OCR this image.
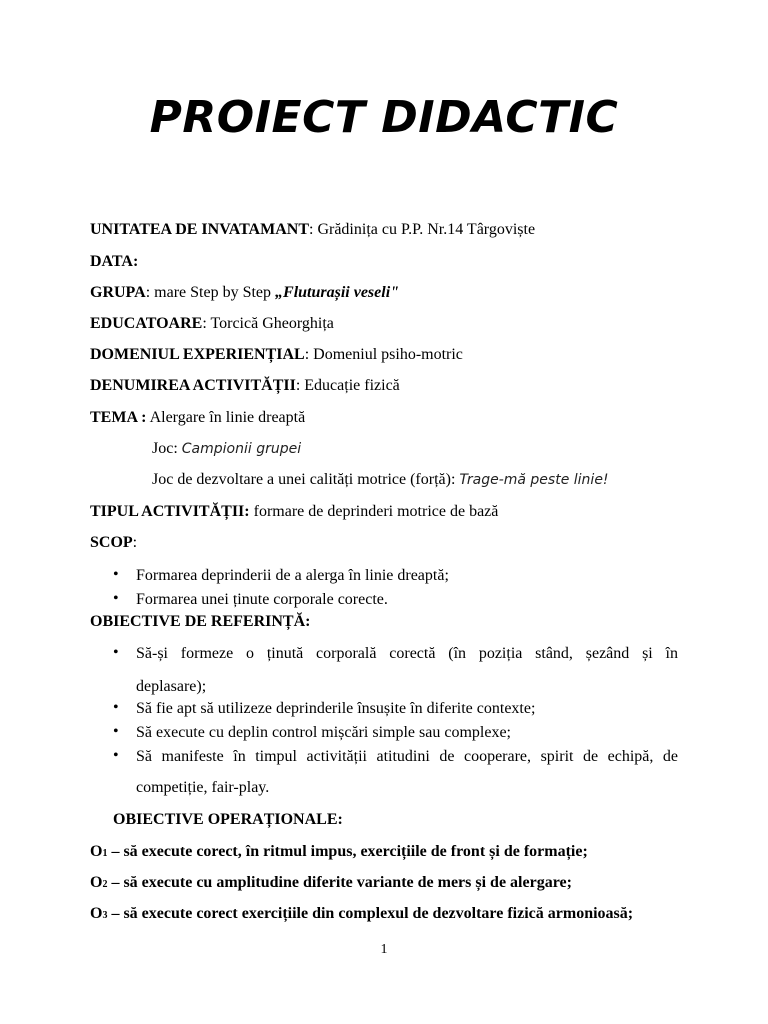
PROIECT DIDACTIC
UNITATEA DE INVATAMANT: Grădinița cu P.P. Nr.14 Târgoviște
DATA:
GRUPA: mare Step by Step „Fluturașii veseli"
EDUCATOARE: Torcică Gheorghița
DOMENIUL EXPERIENȚIAL: Domeniul psiho-motric
DENUMIREA ACTIVITĂȚII: Educație fizică
TEMA : Alergare în linie dreaptă
Joc: Campionii grupei
Joc de dezvoltare a unei calități motrice (forță): Trage-mă peste linie!
TIPUL ACTIVITĂȚII: formare de deprinderi motrice de bază
SCOP:
• Formarea deprinderii de a alerga în linie dreaptă;
• Formarea unei ținute corporale corecte.
OBIECTIVE DE REFERINȚĂ:
• Să-și formeze o ținută corporală corectă (în poziția stând, șezând și în
deplasare);
• Să fie apt să utilizeze deprinderile însușite în diferite contexte;
• Să execute cu deplin control mișcări simple sau complexe;
• Să manifeste în timpul activității atitudini de cooperare, spirit de echipă, de
competiție, fair-play.
OBIECTIVE OPERAȚIONALE:
O1 – să execute corect, în ritmul impus, exercițiile de front și de formație;
O2 – să execute cu amplitudine diferite variante de mers și de alergare;
O3 – să execute corect exercițiile din complexul de dezvoltare fizică armonioasă;
1
